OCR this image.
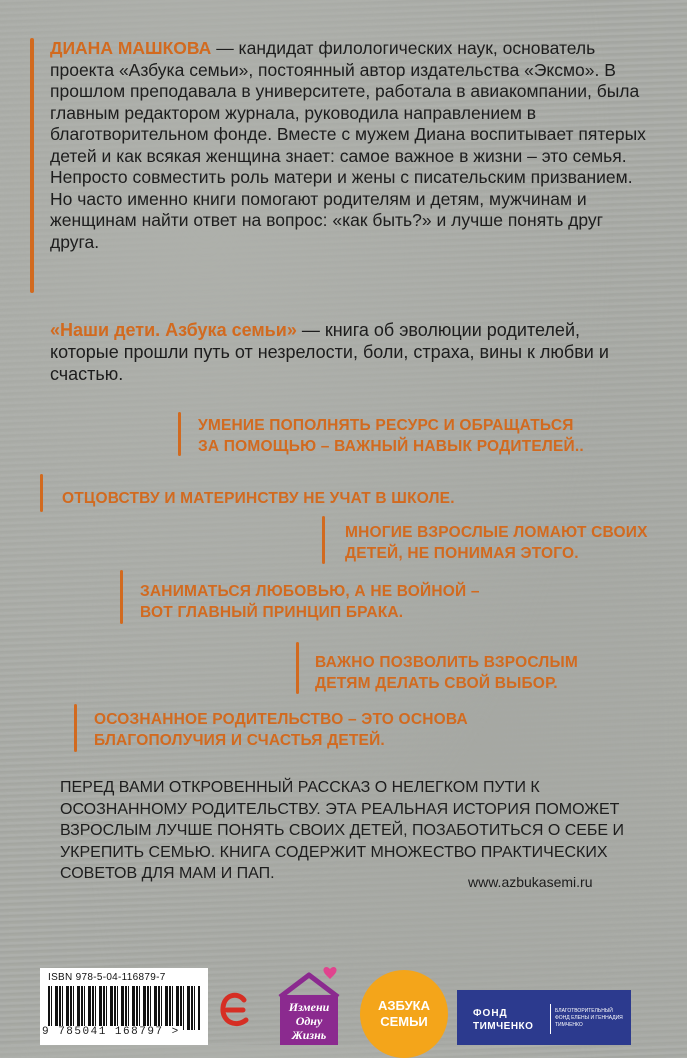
ДИАНА МАШКОВА — кандидат филологических наук, основатель проекта «Азбука семьи», постоянный автор издательства «Эксмо». В прошлом преподавала в университете, работала в авиакомпании, была главным редактором журнала, руководила направлением в благотворительном фонде. Вместе с мужем Диана воспитывает пятерых детей и как всякая женщина знает: самое важное в жизни – это семья. Непросто совместить роль матери и жены с писательским призванием. Но часто именно книги помогают родителям и детям, мужчинам и женщинам найти ответ на вопрос: «как быть?» и лучше понять друг друга.
«Наши дети. Азбука семьи» — книга об эволюции родителей, которые прошли путь от незрелости, боли, страха, вины к любви и счастью.
УМЕНИЕ ПОПОЛНЯТЬ РЕСУРС И ОБРАЩАТЬСЯ
ЗА ПОМОЩЬЮ – ВАЖНЫЙ НАВЫК РОДИТЕЛЕЙ..
ОТЦОВСТВУ И МАТЕРИНСТВУ НЕ УЧАТ В ШКОЛЕ.
МНОГИЕ ВЗРОСЛЫЕ ЛОМАЮТ СВОИХ
ДЕТЕЙ, НЕ ПОНИМАЯ ЭТОГО.
ЗАНИМАТЬСЯ ЛЮБОВЬЮ, А НЕ ВОЙНОЙ –
ВОТ ГЛАВНЫЙ ПРИНЦИП БРАКА.
ВАЖНО ПОЗВОЛИТЬ ВЗРОСЛЫМ
ДЕТЯМ ДЕЛАТЬ СВОЙ ВЫБОР.
ОСОЗНАННОЕ РОДИТЕЛЬСТВО – ЭТО ОСНОВА
БЛАГОПОЛУЧИЯ И СЧАСТЬЯ ДЕТЕЙ.
ПЕРЕД ВАМИ ОТКРОВЕННЫЙ РАССКАЗ О НЕЛЕГКОМ ПУТИ К ОСОЗНАННОМУ РОДИТЕЛЬСТВУ. ЭТА РЕАЛЬНАЯ ИСТОРИЯ ПОМОЖЕТ ВЗРОСЛЫМ ЛУЧШЕ ПОНЯТЬ СВОИХ ДЕТЕЙ, ПОЗАБОТИТЬСЯ О СЕБЕ И УКРЕПИТЬ СЕМЬЮ. КНИГА СОДЕРЖИТ МНОЖЕСТВО ПРАКТИЧЕСКИХ СОВЕТОВ ДЛЯ МАМ И ПАП.	www.azbukasemi.ru
ISBN 978-5-04-116879-7
9 785041 168797 >
Измени
Одну
Жизнь
АЗБУКА
СЕМЬИ
ФОНД
ТИМЧЕНКО
БЛАГОТВОРИТЕЛЬНЫЙ ФОНД ЕЛЕНЫ И ГЕННАДИЯ ТИМЧЕНКО
